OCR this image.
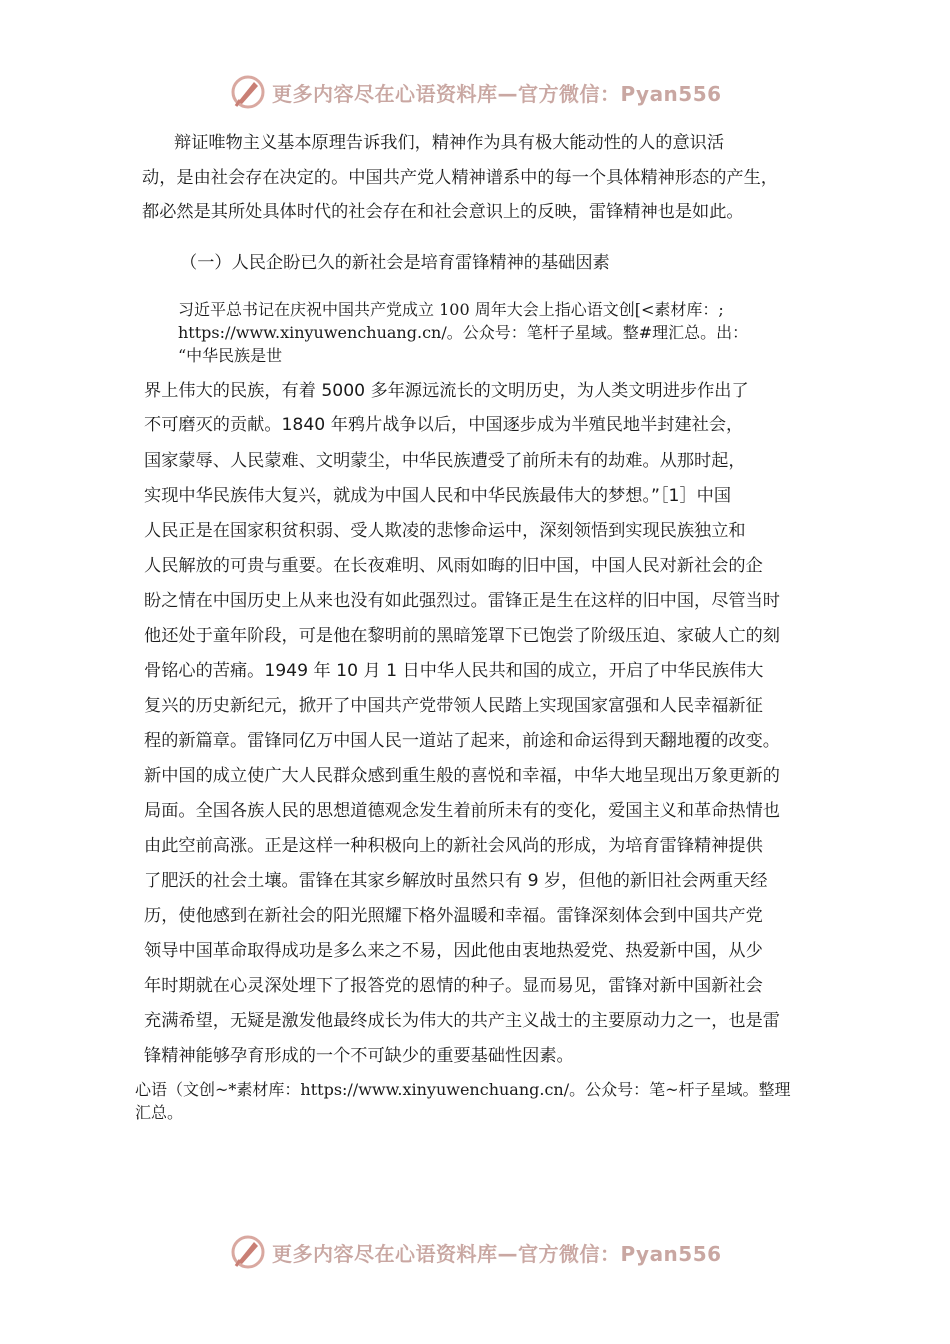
更多内容尽在心语资料库—官方微信：Pyan556
辩证唯物主义基本原理告诉我们，精神作为具有极大能动性的人的意识活
动，是由社会存在决定的。中国共产党人精神谱系中的每一个具体精神形态的产生，
都必然是其所处具体时代的社会存在和社会意识上的反映，雷锋精神也是如此。
（一）人民企盼已久的新社会是培育雷锋精神的基础因素
习近平总书记在庆祝中国共产党成立 100 周年大会上指心语文创[<素材库：;
https://www.xinyuwenchuang.cn/。公众号：笔杆子星域。整#理汇总。出：
“中华民族是世
界上伟大的民族，有着 5000 多年源远流长的文明历史，为人类文明进步作出了
不可磨灭的贡献。1840 年鸦片战争以后，中国逐步成为半殖民地半封建社会，
国家蒙辱、人民蒙难、文明蒙尘，中华民族遭受了前所未有的劫难。从那时起，
实现中华民族伟大复兴，就成为中国人民和中华民族最伟大的梦想。”［1］中国
人民正是在国家积贫积弱、受人欺凌的悲惨命运中，深刻领悟到实现民族独立和
人民解放的可贵与重要。在长夜难明、风雨如晦的旧中国，中国人民对新社会的企
盼之情在中国历史上从来也没有如此强烈过。雷锋正是生在这样的旧中国，尽管当时
他还处于童年阶段，可是他在黎明前的黑暗笼罩下已饱尝了阶级压迫、家破人亡的刻
骨铭心的苦痛。1949 年 10 月 1 日中华人民共和国的成立，开启了中华民族伟大
复兴的历史新纪元，掀开了中国共产党带领人民踏上实现国家富强和人民幸福新征
程的新篇章。雷锋同亿万中国人民一道站了起来，前途和命运得到天翻地覆的改变。
新中国的成立使广大人民群众感到重生般的喜悦和幸福，中华大地呈现出万象更新的
局面。全国各族人民的思想道德观念发生着前所未有的变化，爱国主义和革命热情也
由此空前高涨。正是这样一种积极向上的新社会风尚的形成，为培育雷锋精神提供
了肥沃的社会土壤。雷锋在其家乡解放时虽然只有 9 岁，但他的新旧社会两重天经
历，使他感到在新社会的阳光照耀下格外温暖和幸福。雷锋深刻体会到中国共产党
领导中国革命取得成功是多么来之不易，因此他由衷地热爱党、热爱新中国，从少
年时期就在心灵深处埋下了报答党的恩情的种子。显而易见，雷锋对新中国新社会
充满希望，无疑是激发他最终成长为伟大的共产主义战士的主要原动力之一，也是雷
锋精神能够孕育形成的一个不可缺少的重要基础性因素。
心语（文创~*素材库：https://www.xinyuwenchuang.cn/。公众号：笔~杆子星域。整理
汇总。
更多内容尽在心语资料库—官方微信：Pyan556
